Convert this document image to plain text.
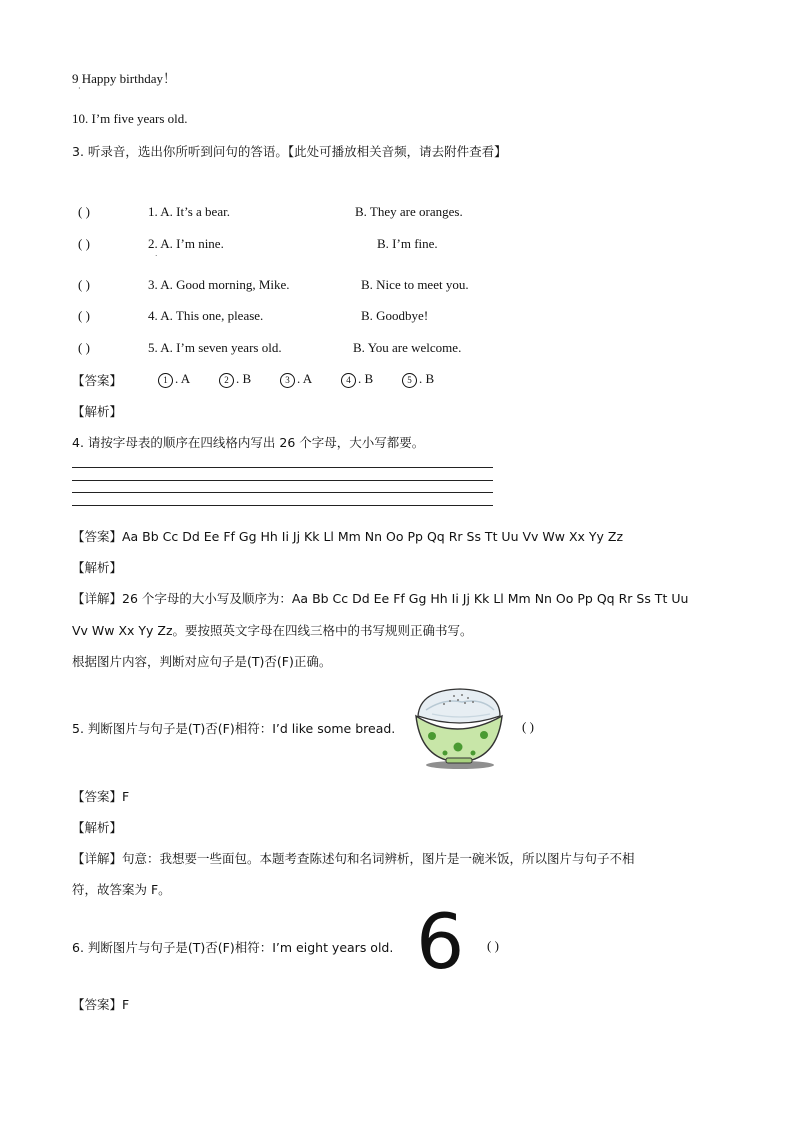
9 Happy birthday！
·
10. I’m five years old.
3. 听录音，选出你所听到问句的答语。【此处可播放相关音频，请去附件查看】
( )	1. A. It’s a bear.	B. They are oranges.
( )	2. A. I’m nine.	B. I’m fine.
·
( )	3. A. Good morning, Mike.	B. Nice to meet you.
( )	4. A. This one, please.	B. Goodbye!
( )	5. A. I’m seven years old.	B. You are welcome.
【答案】	1 . A	2 . B	3 . A	4 . B	5 . B
【解析】
4. 请按字母表的顺序在四线格内写出 26 个字母，大小写都要。
【答案】Aa Bb Cc Dd Ee Ff Gg Hh Ii Jj Kk Ll Mm Nn Oo Pp Qq Rr Ss Tt Uu Vv Ww Xx Yy Zz
【解析】
【详解】26 个字母的大小写及顺序为：Aa Bb Cc Dd Ee Ff Gg Hh Ii Jj Kk Ll Mm Nn Oo Pp Qq Rr Ss Tt Uu
Vv Ww Xx Yy Zz。要按照英文字母在四线三格中的书写规则正确书写。
根据图片内容，判断对应句子是(T)否(F)正确。
5. 判断图片与句子是(T)否(F)相符：I’d like some bread.	( )
【答案】F
【解析】
【详解】句意：我想要一些面包。本题考查陈述句和名词辨析，图片是一碗米饭，所以图片与句子不相
符，故答案为 F。
6. 判断图片与句子是(T)否(F)相符：I’m eight years old. 6 ( )
【答案】F
